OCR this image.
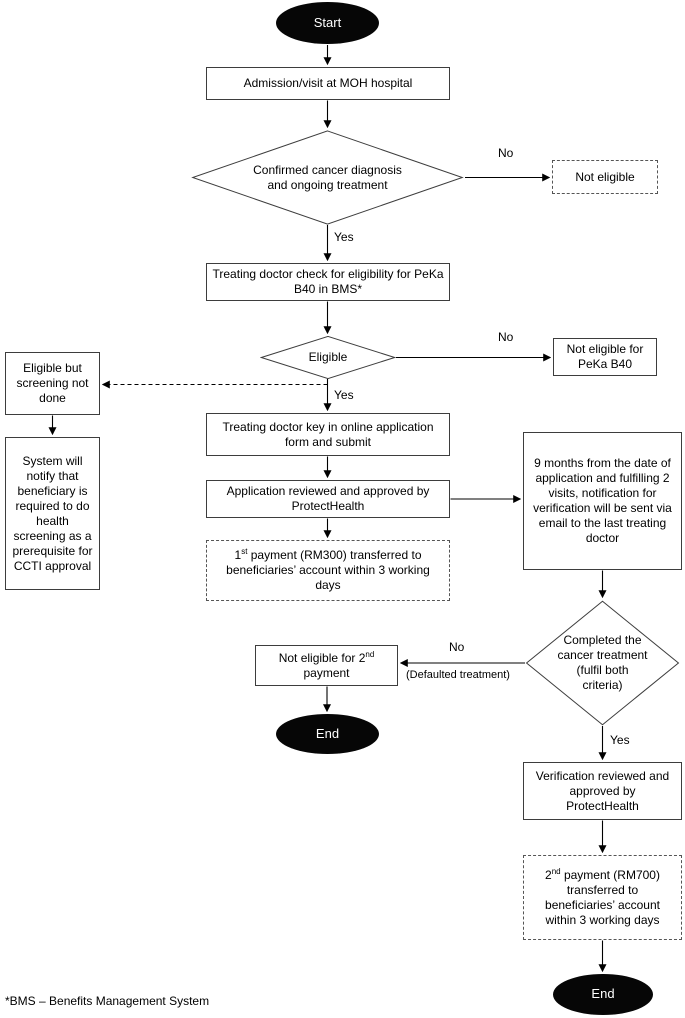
Start
Admission/visit at MOH hospital
Confirmed cancer diagnosis and ongoing treatment
Not eligible
Treating doctor check for eligibility for PeKa B40 in BMS*
Eligible
Not eligible for PeKa B40
Eligible but screening not done
System will notify that beneficiary is required to do health screening as a prerequisite for CCTI approval
Treating doctor key in online application form and submit
Application reviewed and approved by ProtectHealth
1st payment (RM300) transferred to beneficiaries’ account within 3 working days
9 months from the date of application and fulfilling 2 visits, notification for verification will be sent via email to the last treating doctor
Completed the cancer treatment (fulfil both criteria)
Not eligible for 2nd payment
End
Verification reviewed and approved by ProtectHealth
2nd payment (RM700) transferred to beneficiaries’ account within 3 working days
End
No
Yes
No
Yes
No
(Defaulted treatment)
Yes
*BMS – Benefits Management System
